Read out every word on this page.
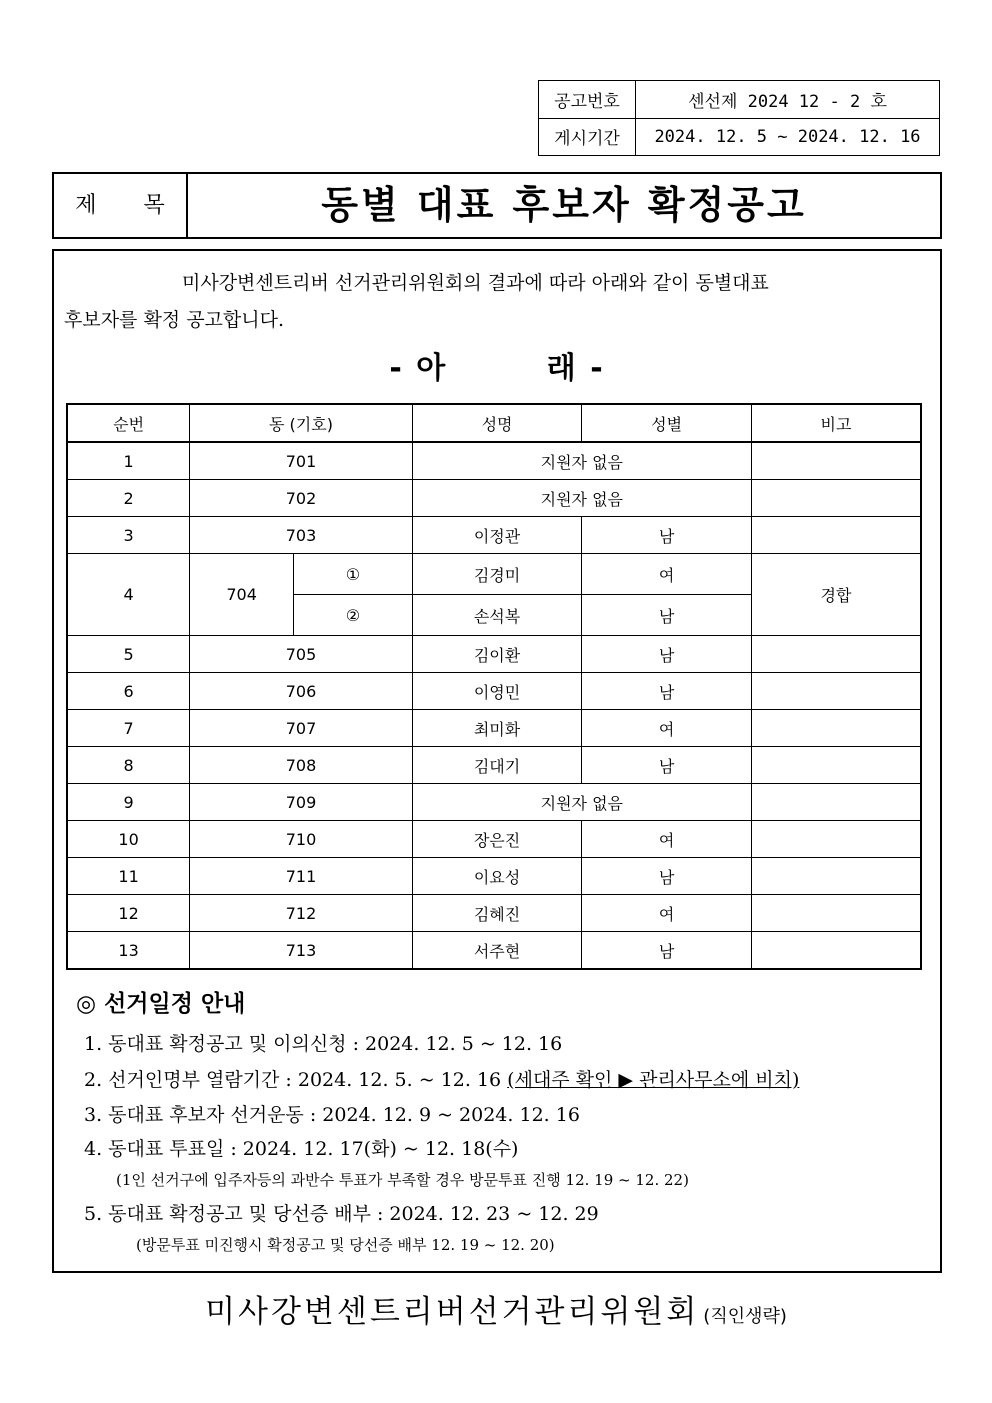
공고번호	센선제 2024 12 - 2 호
게시기간	2024. 12. 5 ~ 2024. 12. 16
제 목	동별 대표 후보자 확정공고
미사강변센트리버 선거관리위원회의 결과에 따라 아래와 같이 동별대표
후보자를 확정 공고합니다.
- 아        래 -
순번	동 (기호)		성명	성별	비고
1	701		지원자 없음		
2	702		지원자 없음		
3	703		이정관	남	
4	704	①	김경미	여	경합
		②	손석복	남	
5	705		김이환	남	
6	706		이영민	남	
7	707		최미화	여	
8	708		김대기	남	
9	709		지원자 없음		
10	710		장은진	여	
11	711		이요성	남	
12	712		김혜진	여	
13	713		서주현	남	
◎ 선거일정 안내
1. 동대표 확정공고 및 이의신청 : 2024. 12. 5 ~ 12. 16
2. 선거인명부 열람기간 : 2024. 12. 5. ~ 12. 16 (세대주 확인 ▶ 관리사무소에 비치)
3. 동대표 후보자 선거운동 : 2024. 12. 9 ~ 2024. 12. 16
4. 동대표 투표일 : 2024. 12. 17(화) ~ 12. 18(수)
(1인 선거구에 입주자등의 과반수 투표가 부족할 경우 방문투표 진행 12. 19 ~ 12. 22)
5. 동대표 확정공고 및 당선증 배부 : 2024. 12. 23 ~ 12. 29
(방문투표 미진행시 확정공고 및 당선증 배부 12. 19 ~ 12. 20)
미사강변센트리버선거관리위원회 (직인생략)
